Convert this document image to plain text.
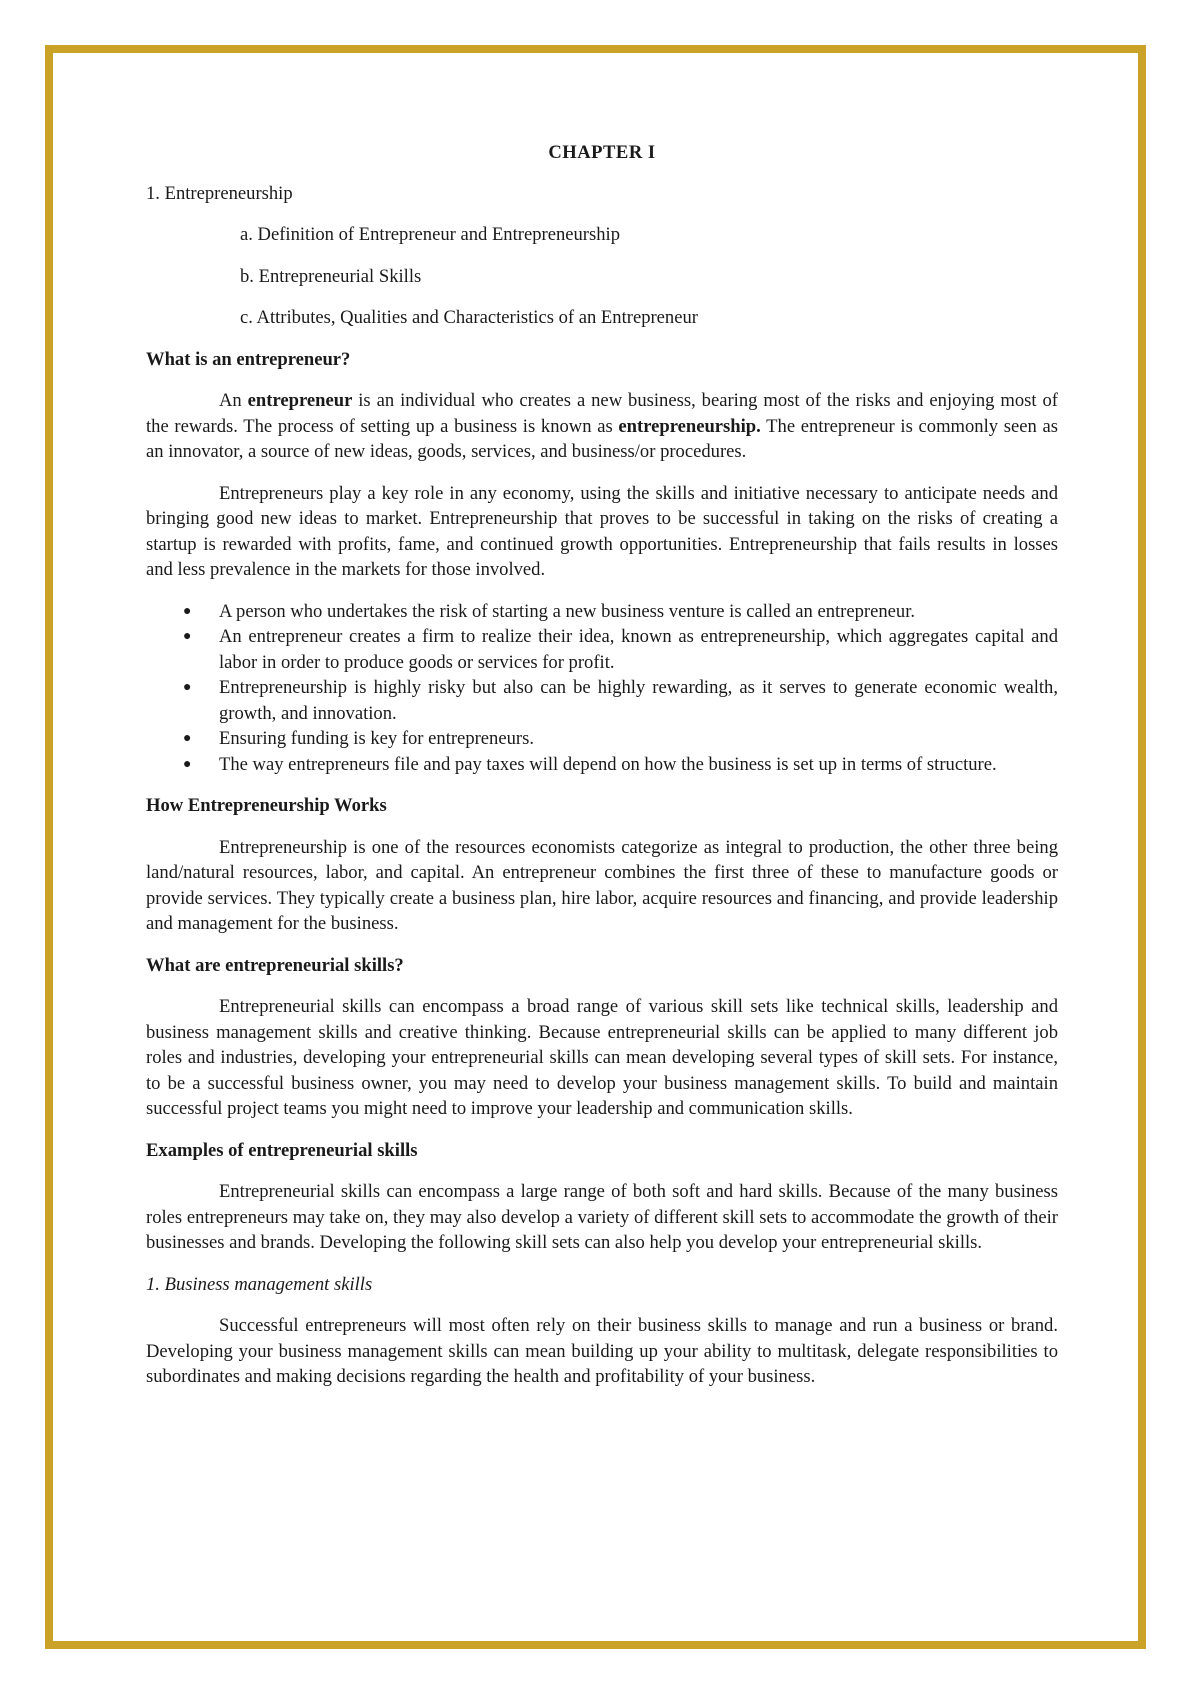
CHAPTER I

1. Entrepreneurship

a. Definition of Entrepreneur and Entrepreneurship

b. Entrepreneurial Skills

c. Attributes, Qualities and Characteristics of an Entrepreneur

What is an entrepreneur?

An entrepreneur is an individual who creates a new business, bearing most of the risks and enjoying most of the rewards. The process of setting up a business is known as entrepreneurship. The entrepreneur is commonly seen as an innovator, a source of new ideas, goods, services, and business/or procedures.

Entrepreneurs play a key role in any economy, using the skills and initiative necessary to anticipate needs and bringing good new ideas to market. Entrepreneurship that proves to be successful in taking on the risks of creating a startup is rewarded with profits, fame, and continued growth opportunities. Entrepreneurship that fails results in losses and less prevalence in the markets for those involved.

● A person who undertakes the risk of starting a new business venture is called an entrepreneur.
● An entrepreneur creates a firm to realize their idea, known as entrepreneurship, which aggregates capital and labor in order to produce goods or services for profit.
● Entrepreneurship is highly risky but also can be highly rewarding, as it serves to generate economic wealth, growth, and innovation.
● Ensuring funding is key for entrepreneurs.
● The way entrepreneurs file and pay taxes will depend on how the business is set up in terms of structure.

How Entrepreneurship Works

Entrepreneurship is one of the resources economists categorize as integral to production, the other three being land/natural resources, labor, and capital. An entrepreneur combines the first three of these to manufacture goods or provide services. They typically create a business plan, hire labor, acquire resources and financing, and provide leadership and management for the business.

What are entrepreneurial skills?

Entrepreneurial skills can encompass a broad range of various skill sets like technical skills, leadership and business management skills and creative thinking. Because entrepreneurial skills can be applied to many different job roles and industries, developing your entrepreneurial skills can mean developing several types of skill sets. For instance, to be a successful business owner, you may need to develop your business management skills. To build and maintain successful project teams you might need to improve your leadership and communication skills.

Examples of entrepreneurial skills

Entrepreneurial skills can encompass a large range of both soft and hard skills. Because of the many business roles entrepreneurs may take on, they may also develop a variety of different skill sets to accommodate the growth of their businesses and brands. Developing the following skill sets can also help you develop your entrepreneurial skills.

1. Business management skills

Successful entrepreneurs will most often rely on their business skills to manage and run a business or brand. Developing your business management skills can mean building up your ability to multitask, delegate responsibilities to subordinates and making decisions regarding the health and profitability of your business.
